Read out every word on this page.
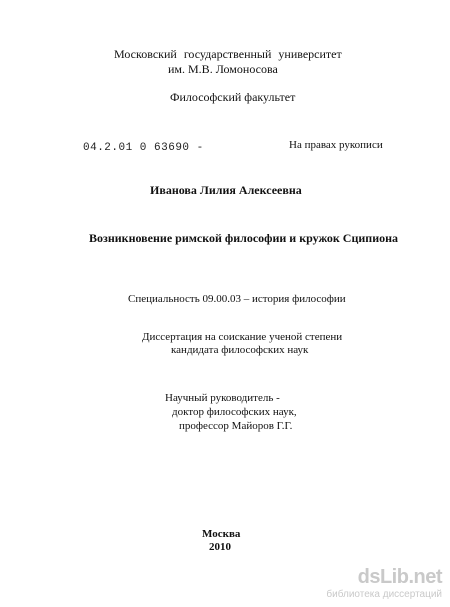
Московский государственный университет
им. М.В. Ломоносова
Философский факультет
04.2.01 0 63690 -	На правах рукописи
Иванова Лилия Алексеевна
Возникновение римской философии и кружок Сципиона
Специальность 09.00.03 – история философии
Диссертация на соискание ученой степени
кандидата философских наук
Научный руководитель -
доктор философских наук,
профессор Майоров Г.Г.
Москва
2010
dsLib.net
библиотека диссертаций
